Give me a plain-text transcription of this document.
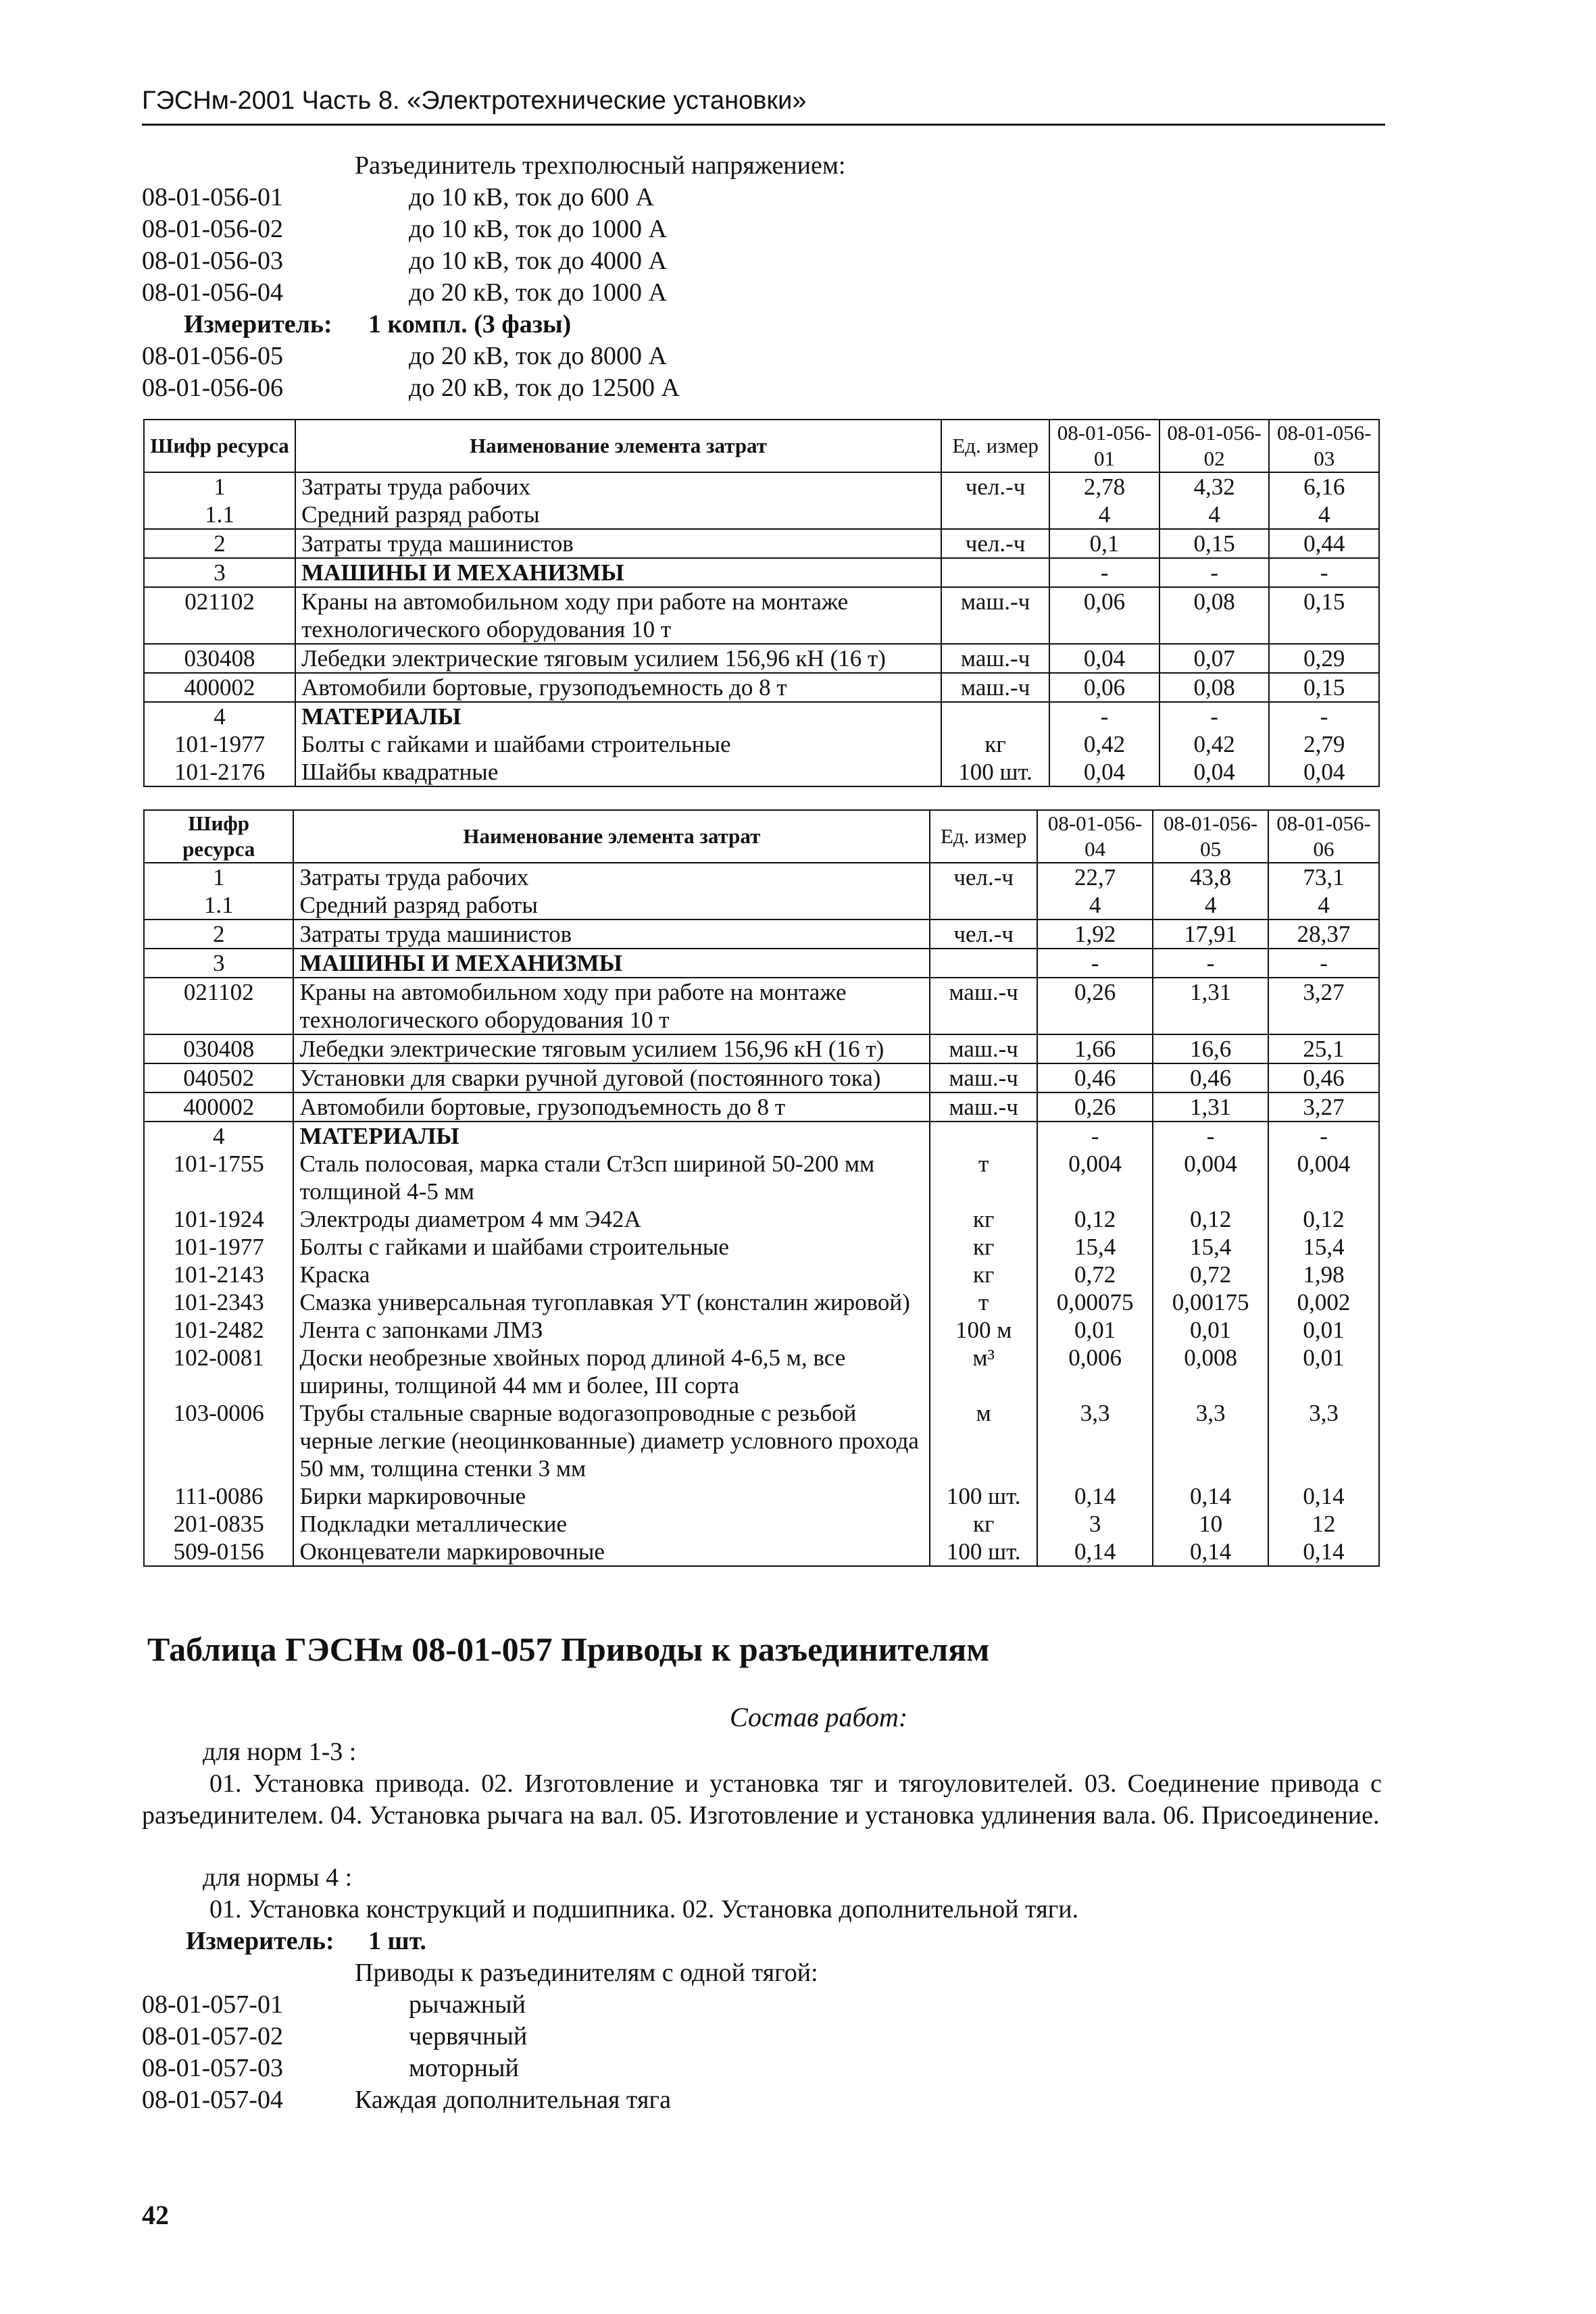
ГЭСНм-2001 Часть 8. «Электротехнические установки»
Разъединитель трехполюсный напряжением:
08-01-056-01	до 10 кВ, ток до 600 А
08-01-056-02	до 10 кВ, ток до 1000 А
08-01-056-03	до 10 кВ, ток до 4000 А
08-01-056-04	до 20 кВ, ток до 1000 А
Измеритель: 1 компл. (3 фазы)
08-01-056-05	до 20 кВ, ток до 8000 А
08-01-056-06	до 20 кВ, ток до 12500 А
Шифр ресурса	Наименование элемента затрат	Ед. измер	08-01-056-01	08-01-056-02	08-01-056-03
1	Затраты труда рабочих	чел.-ч	2,78	4,32	6,16
1.1	Средний разряд работы		4	4	4
2	Затраты труда машинистов	чел.-ч	0,1	0,15	0,44
3	МАШИНЫ И МЕХАНИЗМЫ		-	-	-
021102	Краны на автомобильном ходу при работе на монтаже технологического оборудования 10 т	маш.-ч	0,06	0,08	0,15
030408	Лебедки электрические тяговым усилием 156,96 кН (16 т)	маш.-ч	0,04	0,07	0,29
400002	Автомобили бортовые, грузоподъемность до 8 т	маш.-ч	0,06	0,08	0,15
4	МАТЕРИАЛЫ		-	-	-
101-1977	Болты с гайками и шайбами строительные	кг	0,42	0,42	2,79
101-2176	Шайбы квадратные	100 шт.	0,04	0,04	0,04
Шифр ресурса	Наименование элемента затрат	Ед. измер	08-01-056-04	08-01-056-05	08-01-056-06
1	Затраты труда рабочих	чел.-ч	22,7	43,8	73,1
1.1	Средний разряд работы		4	4	4
2	Затраты труда машинистов	чел.-ч	1,92	17,91	28,37
3	МАШИНЫ И МЕХАНИЗМЫ		-	-	-
021102	Краны на автомобильном ходу при работе на монтаже технологического оборудования 10 т	маш.-ч	0,26	1,31	3,27
030408	Лебедки электрические тяговым усилием 156,96 кН (16 т)	маш.-ч	1,66	16,6	25,1
040502	Установки для сварки ручной дуговой (постоянного тока)	маш.-ч	0,46	0,46	0,46
400002	Автомобили бортовые, грузоподъемность до 8 т	маш.-ч	0,26	1,31	3,27
4	МАТЕРИАЛЫ		-	-	-
101-1755	Сталь полосовая, марка стали Ст3сп шириной 50-200 мм толщиной 4-5 мм	т	0,004	0,004	0,004
101-1924	Электроды диаметром 4 мм Э42А	кг	0,12	0,12	0,12
101-1977	Болты с гайками и шайбами строительные	кг	15,4	15,4	15,4
101-2143	Краска	кг	0,72	0,72	1,98
101-2343	Смазка универсальная тугоплавкая УТ (консталин жировой)	т	0,00075	0,00175	0,002
101-2482	Лента с запонками ЛМЗ	100 м	0,01	0,01	0,01
102-0081	Доски необрезные хвойных пород длиной 4-6,5 м, все ширины, толщиной 44 мм и более, III сорта	м³	0,006	0,008	0,01
103-0006	Трубы стальные сварные водогазопроводные с резьбой черные легкие (неоцинкованные) диаметр условного прохода 50 мм, толщина стенки 3 мм	м	3,3	3,3	3,3
111-0086	Бирки маркировочные	100 шт.	0,14	0,14	0,14
201-0835	Подкладки металлические	кг	3	10	12
509-0156	Оконцеватели маркировочные	100 шт.	0,14	0,14	0,14
Таблица ГЭСНм 08-01-057 Приводы к разъединителям
Состав работ:
для норм 1-3 :
01. Установка привода. 02. Изготовление и установка тяг и тягоуловителей. 03. Соединение привода с разъединителем. 04. Установка рычага на вал. 05. Изготовление и установка удлинения вала. 06. Присоединение.
для нормы 4 :
01. Установка конструкций и подшипника. 02. Установка дополнительной тяги.
Измеритель: 1 шт.
Приводы к разъединителям с одной тягой:
08-01-057-01	рычажный
08-01-057-02	червячный
08-01-057-03	моторный
08-01-057-04	Каждая дополнительная тяга
42
